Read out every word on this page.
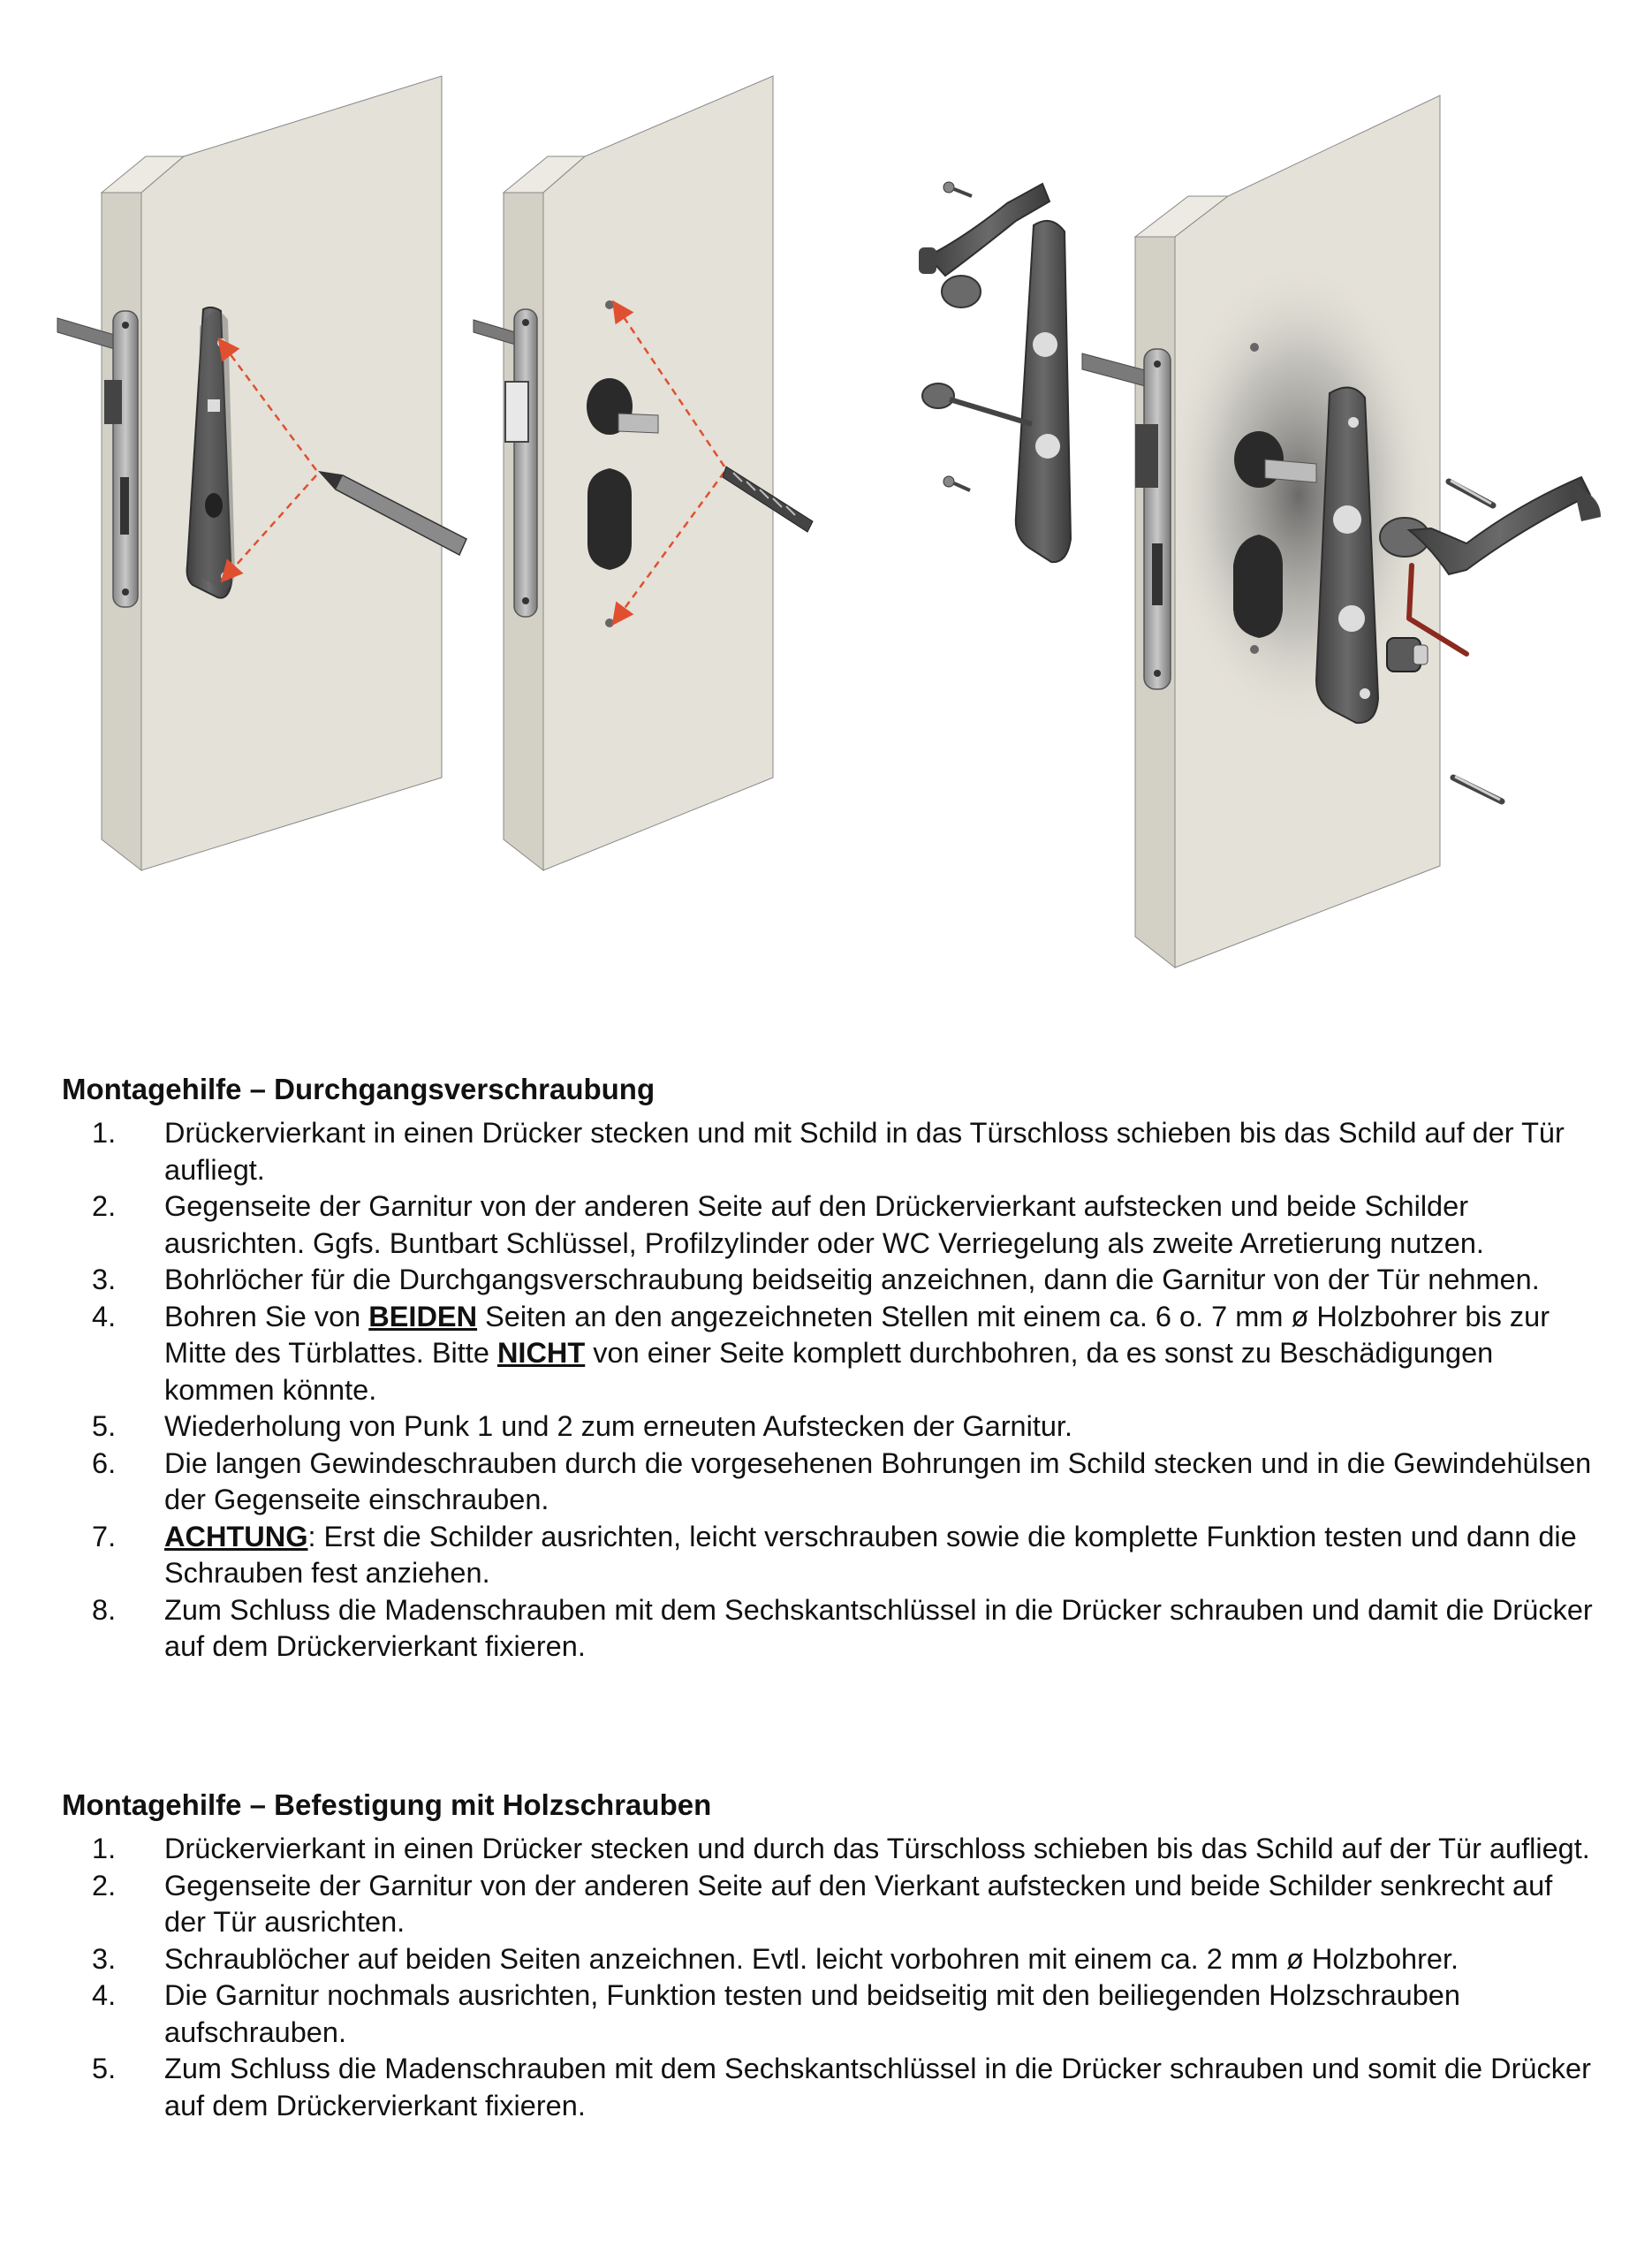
Montagehilfe – Durchgangsverschraubung
1. Drückervierkant in einen Drücker stecken und mit Schild in das Türschloss schieben bis das Schild auf der Tür aufliegt.
2. Gegenseite der Garnitur von der anderen Seite auf den Drückervierkant aufstecken und beide Schilder ausrichten. Ggfs. Buntbart Schlüssel, Profilzylinder oder WC Verriegelung als zweite Arretierung nutzen.
3. Bohrlöcher für die Durchgangsverschraubung beidseitig anzeichnen, dann die Garnitur von der Tür nehmen.
4. Bohren Sie von BEIDEN Seiten an den angezeichneten Stellen mit einem ca. 6 o. 7 mm ø Holzbohrer bis zur Mitte des Türblattes. Bitte NICHT von einer Seite komplett durchbohren, da es sonst zu Beschädigungen kommen könnte.
5. Wiederholung von Punk 1 und 2 zum erneuten Aufstecken der Garnitur.
6. Die langen Gewindeschrauben durch die vorgesehenen Bohrungen im Schild stecken und in die Gewindehülsen der Gegenseite einschrauben.
7. ACHTUNG: Erst die Schilder ausrichten, leicht verschrauben sowie die komplette Funktion testen und dann die Schrauben fest anziehen.
8. Zum Schluss die Madenschrauben mit dem Sechskantschlüssel in die Drücker schrauben und damit die Drücker auf dem Drückervierkant fixieren.
Montagehilfe – Befestigung mit Holzschrauben
1. Drückervierkant in einen Drücker stecken und durch das Türschloss schieben bis das Schild auf der Tür aufliegt.
2. Gegenseite der Garnitur von der anderen Seite auf den Vierkant aufstecken und beide Schilder senkrecht auf der Tür ausrichten.
3. Schraublöcher auf beiden Seiten anzeichnen. Evtl. leicht vorbohren mit einem ca. 2 mm ø Holzbohrer.
4. Die Garnitur nochmals ausrichten, Funktion testen und beidseitig mit den beiliegenden Holzschrauben aufschrauben.
5. Zum Schluss die Madenschrauben mit dem Sechskantschlüssel in die Drücker schrauben und somit die Drücker auf dem Drückervierkant fixieren.
